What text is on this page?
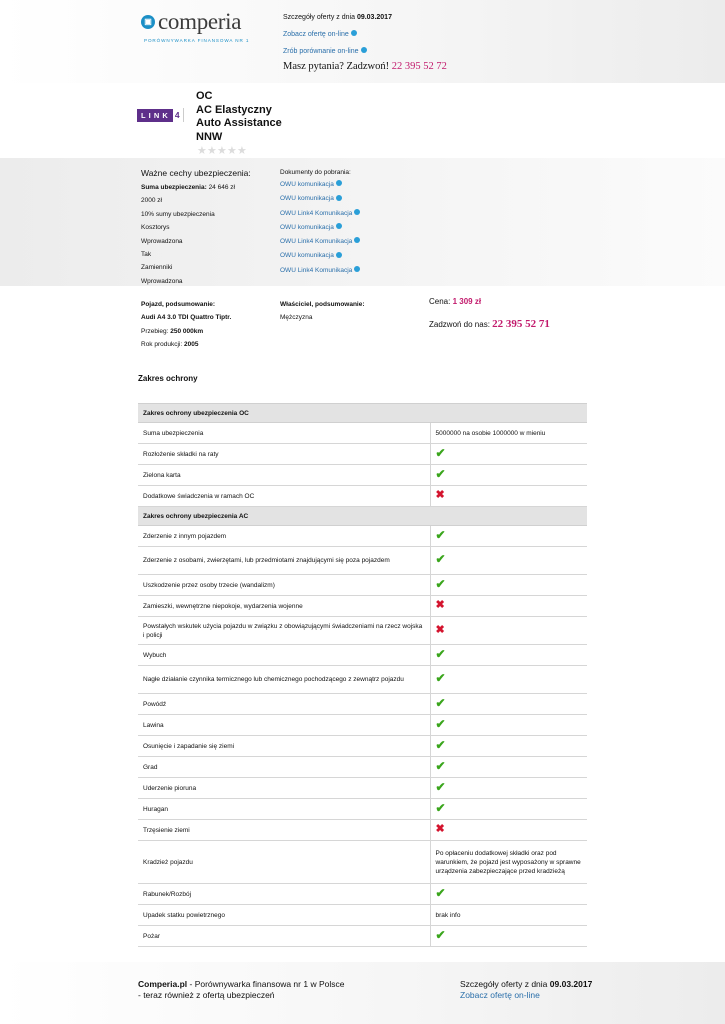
▣ comperia
PORÓWNYWARKA FINANSOWA NR 1
Szczegóły oferty z dnia 09.03.2017
Zobacz ofertę on-line
Zrób porównanie on-line
Masz pytania? Zadzwoń! 22 395 52 72
LINK 4
OC
AC Elastyczny
Auto Assistance
NNW
★ ★ ★ ★ ★
Ważne cechy ubezpieczenia:
Suma ubezpieczenia: 24 646 zł
2000 zł
10% sumy ubezpieczenia
Kosztorys
Wprowadzona
Tak
Zamienniki
Wprowadzona
Dokumenty do pobrania:
OWU komunikacja
OWU komunikacja
OWU Link4 Komunikacja
OWU komunikacja
OWU Link4 Komunikacja
OWU komunikacja
OWU Link4 Komunikacja
Pojazd, podsumowanie:
Audi A4 3.0 TDI Quattro Tiptr.
Przebieg: 250 000km
Rok produkcji: 2005
Właściciel, podsumowanie:
Mężczyzna
Cena: 1 309 zł
Zadzwoń do nas: 22 395 52 71
Zakres ochrony
Zakres ochrony ubezpieczenia OC	
Suma ubezpieczenia	5000000 na osobie 1000000 w mieniu
Rozłożenie składki na raty	✔
Zielona karta	✔
Dodatkowe świadczenia w ramach OC	✖
Zakres ochrony ubezpieczenia AC	
Zderzenie z innym pojazdem	✔
Zderzenie z osobami, zwierzętami, lub przedmiotami znajdującymi się poza pojazdem	✔
Uszkodzenie przez osoby trzecie (wandalizm)	✔
Zamieszki, wewnętrzne niepokoje, wydarzenia wojenne	✖
Powstałych wskutek użycia pojazdu w związku z obowiązującymi świadczeniami na rzecz wojska i policji	✖
Wybuch	✔
Nagłe działanie czynnika termicznego lub chemicznego pochodzącego z zewnątrz pojazdu	✔
Powódź	✔
Lawina	✔
Osunięcie i zapadanie się ziemi	✔
Grad	✔
Uderzenie pioruna	✔
Huragan	✔
Trzęsienie ziemi	✖
Kradzież pojazdu	Po opłaceniu dodatkowej składki oraz pod warunkiem, że pojazd jest wyposażony w sprawne urządzenia zabezpieczające przed kradzieżą
Rabunek/Rozbój	✔
Upadek statku powietrznego	brak info
Pożar	✔
Comperia.pl - Porównywarka finansowa nr 1 w Polsce
- teraz również z ofertą ubezpieczeń
Szczegóły oferty z dnia 09.03.2017
Zobacz ofertę on-line
